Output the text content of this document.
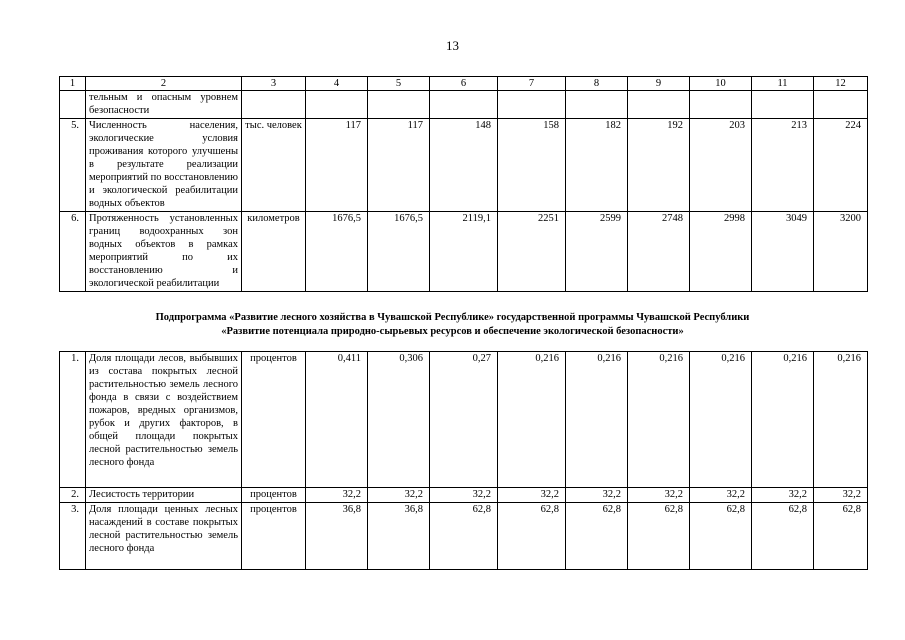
13
1	2	3	4	5	6	7	8	9	10	11	12
	тельным и опасным уровнем безопасности										
5.	Численность населения, экологические условия проживания которого улучшены в результате реализации мероприятий по восстановлению и экологической реабилитации водных объектов	тыс. человек	117	117	148	158	182	192	203	213	224
6.	Протяженность установленных границ водоохранных зон водных объектов в рамках мероприятий по их восстановлению и экологической реабилитации	километров	1676,5	1676,5	2119,1	2251	2599	2748	2998	3049	3200
Подпрограмма «Развитие лесного хозяйства в Чувашской Республике» государственной программы Чувашской Республики
«Развитие потенциала природно-сырьевых ресурсов и обеспечение экологической безопасности»
1.	Доля площади лесов, выбывших из состава покрытых лесной растительностью земель лесного фонда в связи с воздействием пожаров, вредных организмов, рубок и других факторов, в общей площади покрытых лесной растительностью земель лесного фонда	процентов	0,411	0,306	0,27	0,216	0,216	0,216	0,216	0,216	0,216
2.	Лесистость территории	процентов	32,2	32,2	32,2	32,2	32,2	32,2	32,2	32,2	32,2
3.	Доля площади ценных лесных насаждений в составе покрытых лесной растительностью земель лесного фонда	процентов	36,8	36,8	62,8	62,8	62,8	62,8	62,8	62,8	62,8
